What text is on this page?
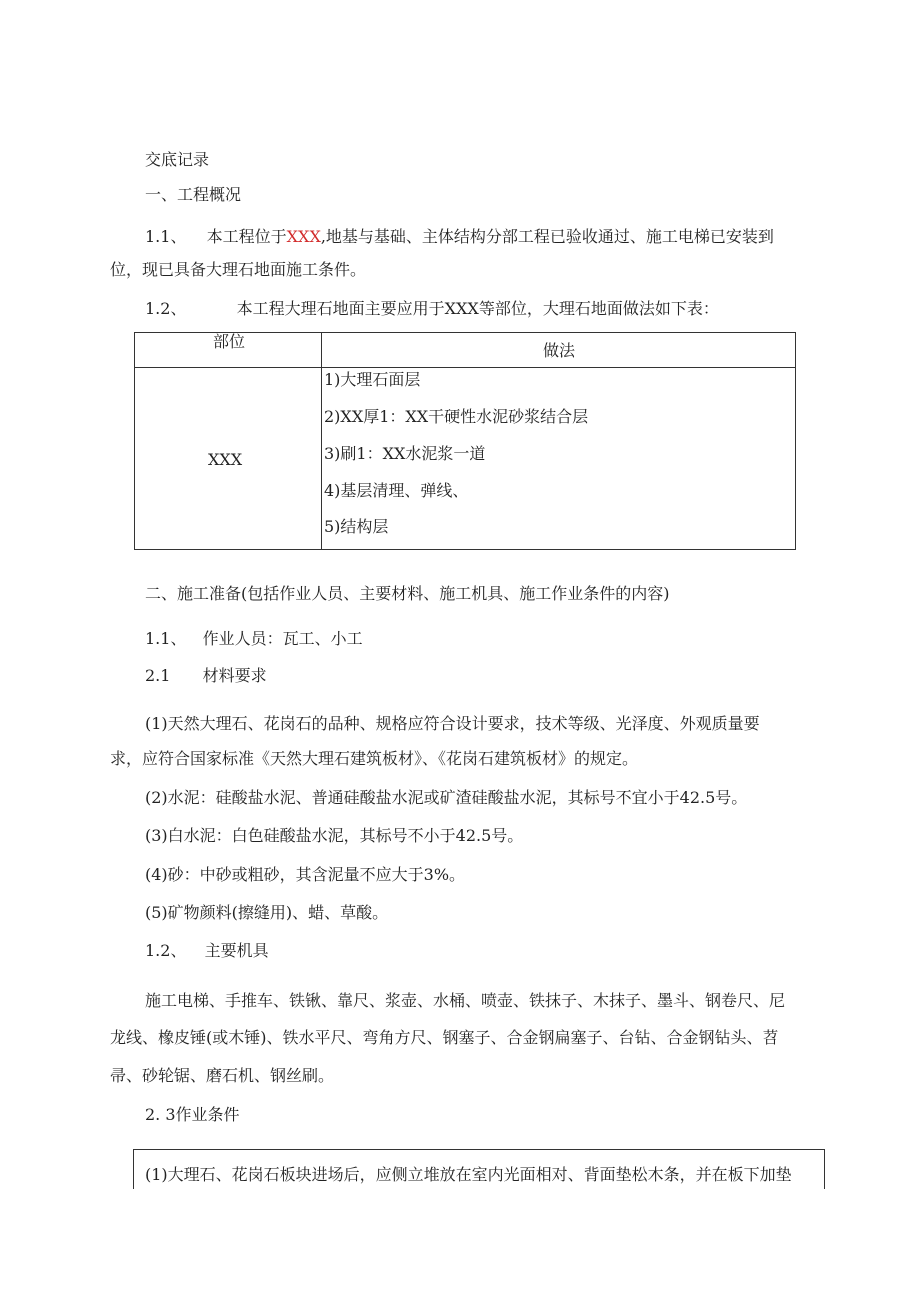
交底记录
一、工程概况
1.1、 本工程位于XXX,地基与基础、主体结构分部工程已验收通过、施工电梯已安装到
位，现已具备大理石地面施工条件。
1.2、	本工程大理石地面主要应用于XXX等部位，大理石地面做法如下表：
部位	做法
XXX
1)大理石面层
2)XX厚1：XX干硬性水泥砂浆结合层
3)刷1：XX水泥浆一道
4)基层清理、弹线、
5)结构层
二、施工准备(包括作业人员、主要材料、施工机具、施工作业条件的内容)
1.1、 作业人员：瓦工、小工
2.1 材料要求
(1)天然大理石、花岗石的品种、规格应符合设计要求，技术等级、光泽度、外观质量要
求，应符合国家标准《天然大理石建筑板材》、《花岗石建筑板材》的规定。
(2)水泥：硅酸盐水泥、普通硅酸盐水泥或矿渣硅酸盐水泥，其标号不宜小于42.5号。
(3)白水泥：白色硅酸盐水泥，其标号不小于42.5号。
(4)砂：中砂或粗砂，其含泥量不应大于3%。
(5)矿物颜料(擦缝用)、蜡、草酸。
1.2、 主要机具
施工电梯、手推车、铁锹、靠尺、浆壶、水桶、喷壶、铁抹子、木抹子、墨斗、钢卷尺、尼
龙线、橡皮锤(或木锤)、铁水平尺、弯角方尺、钢塞子、合金钢扁塞子、台钻、合金钢钻头、苕
帚、砂轮锯、磨石机、钢丝刷。
2. 3作业条件
(1)大理石、花岗石板块进场后，应侧立堆放在室内光面相对、背面垫松木条，并在板下加垫
